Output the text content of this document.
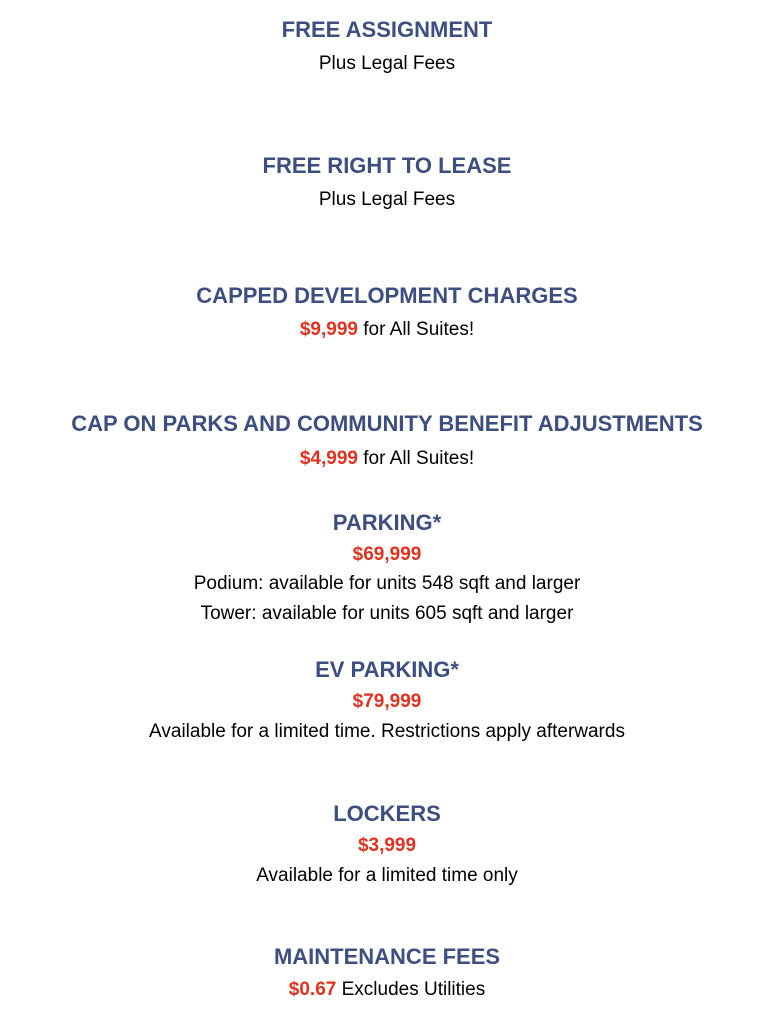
FREE ASSIGNMENT
Plus Legal Fees
FREE RIGHT TO LEASE
Plus Legal Fees
CAPPED DEVELOPMENT CHARGES
$9,999 for All Suites!
CAP ON PARKS AND COMMUNITY BENEFIT ADJUSTMENTS
$4,999 for All Suites!
PARKING*
$69,999
Podium: available for units 548 sqft and larger
Tower: available for units 605 sqft and larger
EV PARKING*
$79,999
Available for a limited time. Restrictions apply afterwards
LOCKERS
$3,999
Available for a limited time only
MAINTENANCE FEES
$0.67 Excludes Utilities
